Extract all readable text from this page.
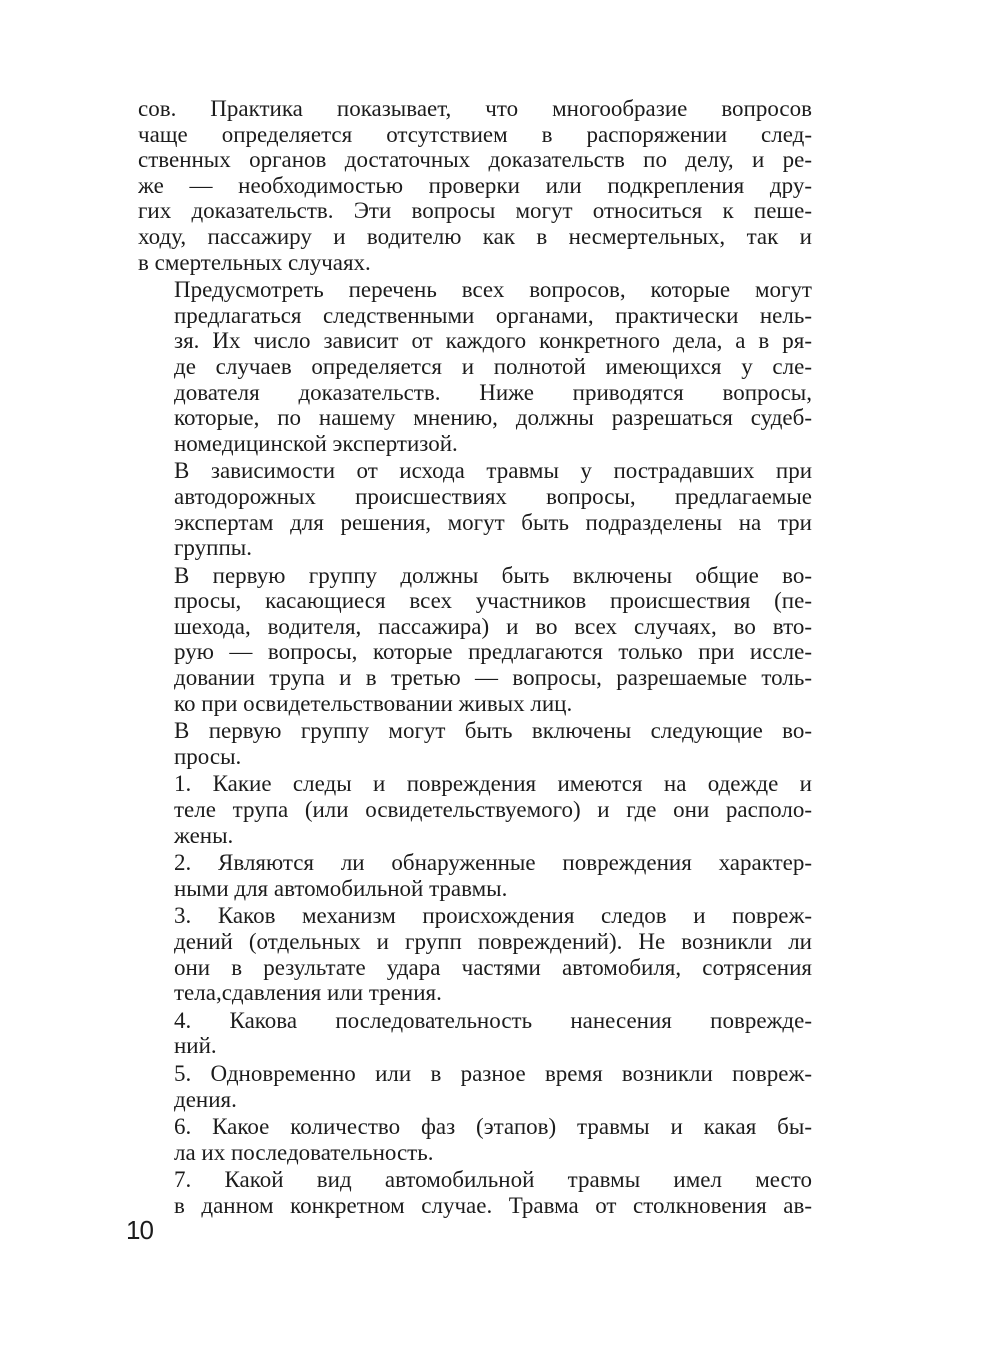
сов. Практика показывает, что многообразие вопросов
чаще определяется отсутствием в распоряжении след-
ственных органов достаточных доказательств по делу, и ре-
же — необходимостью проверки или подкрепления дру-
гих доказательств. Эти вопросы могут относиться к пеше-
ходу, пассажиру и водителю как в несмертельных, так и
в смертельных случаях.

Предусмотреть перечень всех вопросов, которые могут
предлагаться следственными органами, практически нель-
зя. Их число зависит от каждого конкретного дела, а в ря-
де случаев определяется и полнотой имеющихся у сле-
дователя доказательств. Ниже приводятся вопросы,
которые, по нашему мнению, должны разрешаться судеб-
номедицинской экспертизой.

В зависимости от исхода травмы у пострадавших при
автодорожных происшествиях вопросы, предлагаемые
экспертам для решения, могут быть подразделены на три
группы.

В первую группу должны быть включены общие во-
просы, касающиеся всех участников происшествия (пе-
шехода, водителя, пассажира) и во всех случаях, во вто-
рую — вопросы, которые предлагаются только при иссле-
довании трупа и в третью — вопросы, разрешаемые толь-
ко при освидетельствовании живых лиц.

В первую группу могут быть включены следующие во-
просы.

1. Какие следы и повреждения имеются на одежде и
теле трупа (или освидетельствуемого) и где они располо-
жены.

2. Являются ли обнаруженные повреждения характер-
ными для автомобильной травмы.

3. Каков механизм происхождения следов и повреж-
дений (отдельных и групп повреждений). Не возникли ли
они в результате удара частями автомобиля, сотрясения
тела,сдавления или трения.

4. Какова последовательность нанесения поврежде-
ний.

5. Одновременно или в разное время возникли повреж-
дения.

6. Какое количество фаз (этапов) травмы и какая бы-
ла их последовательность.

7. Какой вид автомобильной травмы имел место
в данном конкретном случае. Травма от столкновения ав-

10
